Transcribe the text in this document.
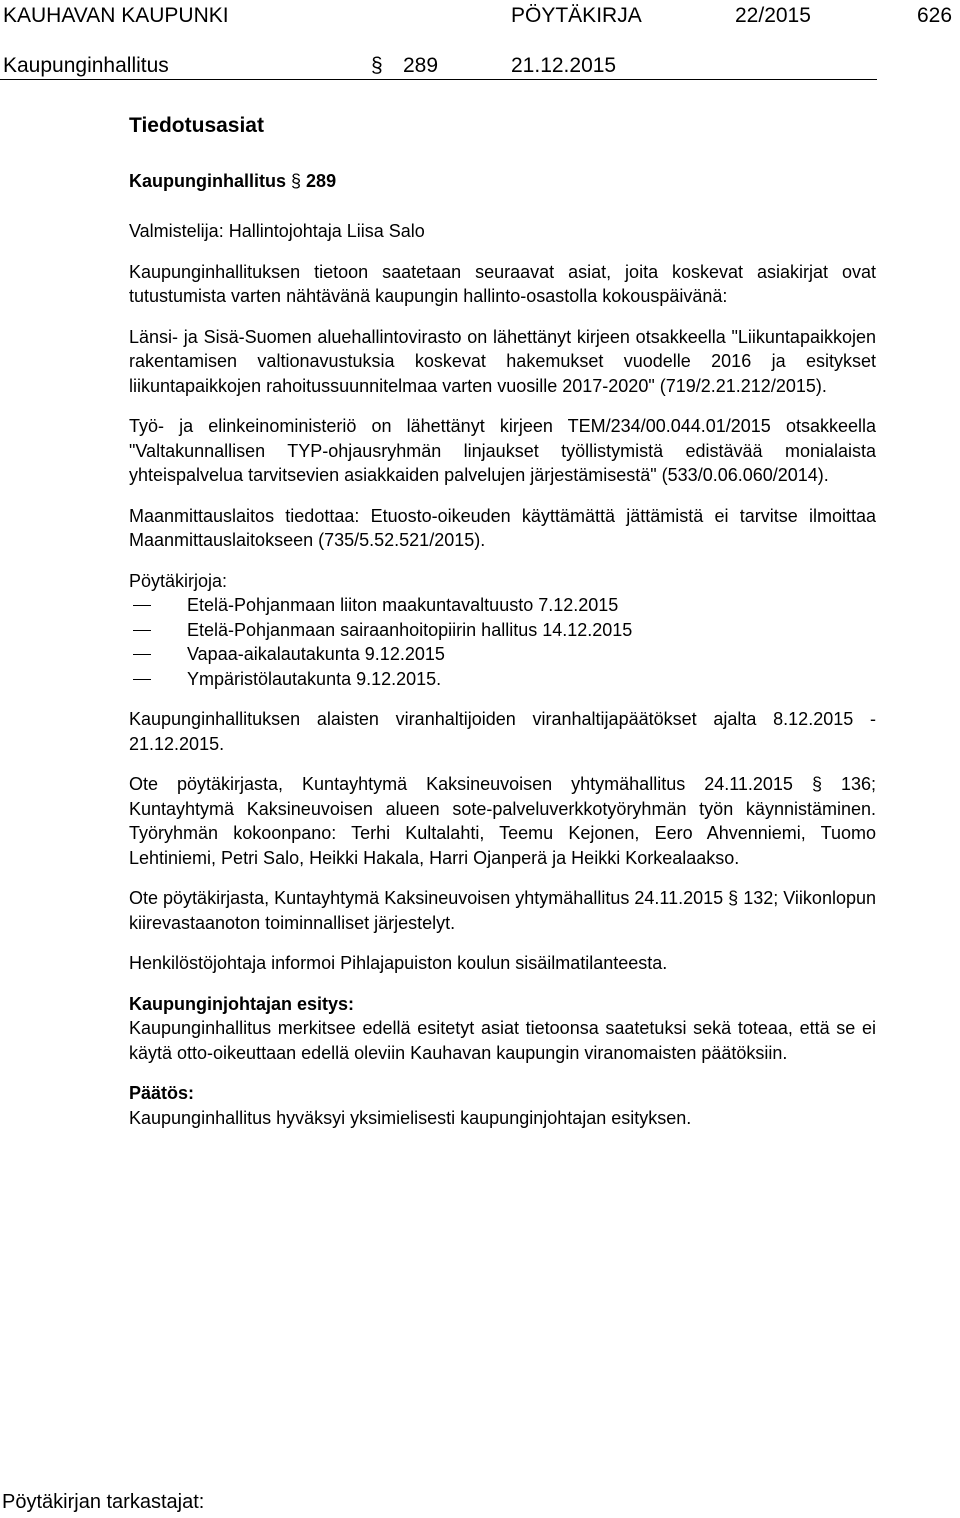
KAUHAVAN KAUPUNKI	PÖYTÄKIRJA	22/2015	626
Kaupunginhallitus	§ 289	21.12.2015
Tiedotusasiat
Kaupunginhallitus § 289

Valmistelija: Hallintojohtaja Liisa Salo

Kaupunginhallituksen tietoon saatetaan seuraavat asiat, joita koskevat asiakirjat ovat tutustumista varten nähtävänä kaupungin hallinto-osastolla kokouspäivänä:

Länsi- ja Sisä-Suomen aluehallintovirasto on lähettänyt kirjeen otsakkeella "Liikuntapaikkojen rakentamisen valtionavustuksia koskevat hakemukset vuodelle 2016 ja esitykset liikuntapaikkojen rahoitussuunnitelmaa varten vuosille 2017-2020" (719/2.21.212/2015).

Työ- ja elinkeinoministeriö on lähettänyt kirjeen TEM/234/00.044.01/2015 otsakkeella "Valtakunnallisen TYP-ohjausryhmän linjaukset työllistymistä edistävää monialaista yhteispalvelua tarvitsevien asiakkaiden palvelujen järjestämisestä" (533/0.06.060/2014).

Maanmittauslaitos tiedottaa: Etuosto-oikeuden käyttämättä jättämistä ei tarvitse ilmoittaa Maanmittauslaitokseen (735/5.52.521/2015).

Pöytäkirjoja:

Etelä-Pohjanmaan liiton maakuntavaltuusto 7.12.2015
Etelä-Pohjanmaan sairaanhoitopiirin hallitus 14.12.2015
Vapaa-aikalautakunta 9.12.2015
Ympäristölautakunta 9.12.2015.

Kaupunginhallituksen alaisten viranhaltijoiden viranhaltijapäätökset ajalta 8.12.2015 - 21.12.2015.

Ote pöytäkirjasta, Kuntayhtymä Kaksineuvoisen yhtymähallitus 24.11.2015 § 136; Kuntayhtymä Kaksineuvoisen alueen sote-palveluverkkotyöryhmän työn käynnistäminen. Työryhmän kokoonpano: Terhi Kultalahti, Teemu Kejonen, Eero Ahvenniemi, Tuomo Lehtiniemi, Petri Salo, Heikki Hakala, Harri Ojanperä ja Heikki Korkealaakso.

Ote pöytäkirjasta, Kuntayhtymä Kaksineuvoisen yhtymähallitus 24.11.2015 § 132; Viikonlopun kiirevastaanoton toiminnalliset järjestelyt.

Henkilöstöjohtaja informoi Pihlajapuiston koulun sisäilmatilanteesta.

Kaupunginjohtajan esitys:

Kaupunginhallitus merkitsee edellä esitetyt asiat tietoonsa saatetuksi sekä toteaa, että se ei käytä otto-oikeuttaan edellä oleviin Kauhavan kaupungin viranomaisten päätöksiin.

Päätös:

Kaupunginhallitus hyväksyi yksimielisesti kaupunginjohtajan esityksen.

Pöytäkirjan tarkastajat:
